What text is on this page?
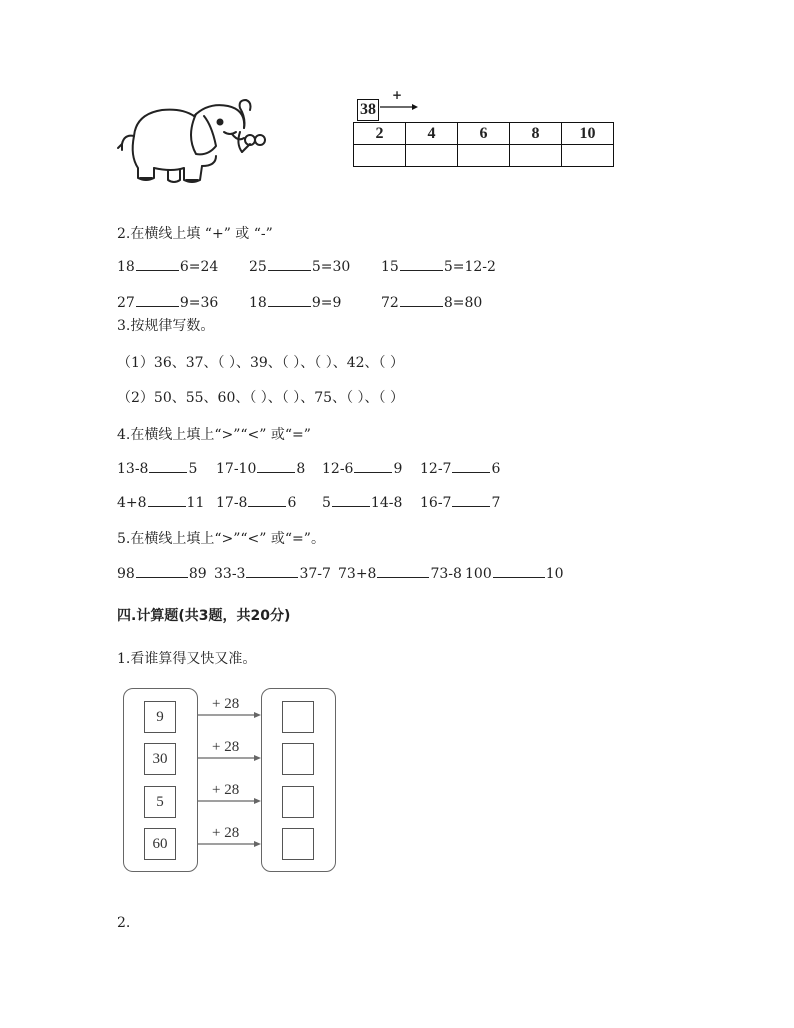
38
+
2	4	6	8	10

2.在横线上填 “+” 或 “-”
18	6=24 25	5=30 15	5=12-2
27	9=36 18	9=9	72	8=80
3.按规律写数。
（1）36、37、（ ）、39、（ ）、（ ）、42、（ ）
（2）50、55、60、（ ）、（ ）、75、（ ）、（ ）
4.在横线上填上“>”“<” 或“=”
13-8	5 17-10	8 12-6	9 12-7	6
4+8	11 17-8	6 5	14-8 16-7	7
5.在横线上填上“>”“<” 或“=”。
98	89 33-3	37-7 73+8	73-8 100	10
四.计算题(共3题，共20分)
1.看谁算得又快又准。
9
30
5
60
+ 28
+ 28
+ 28
+ 28
2.
